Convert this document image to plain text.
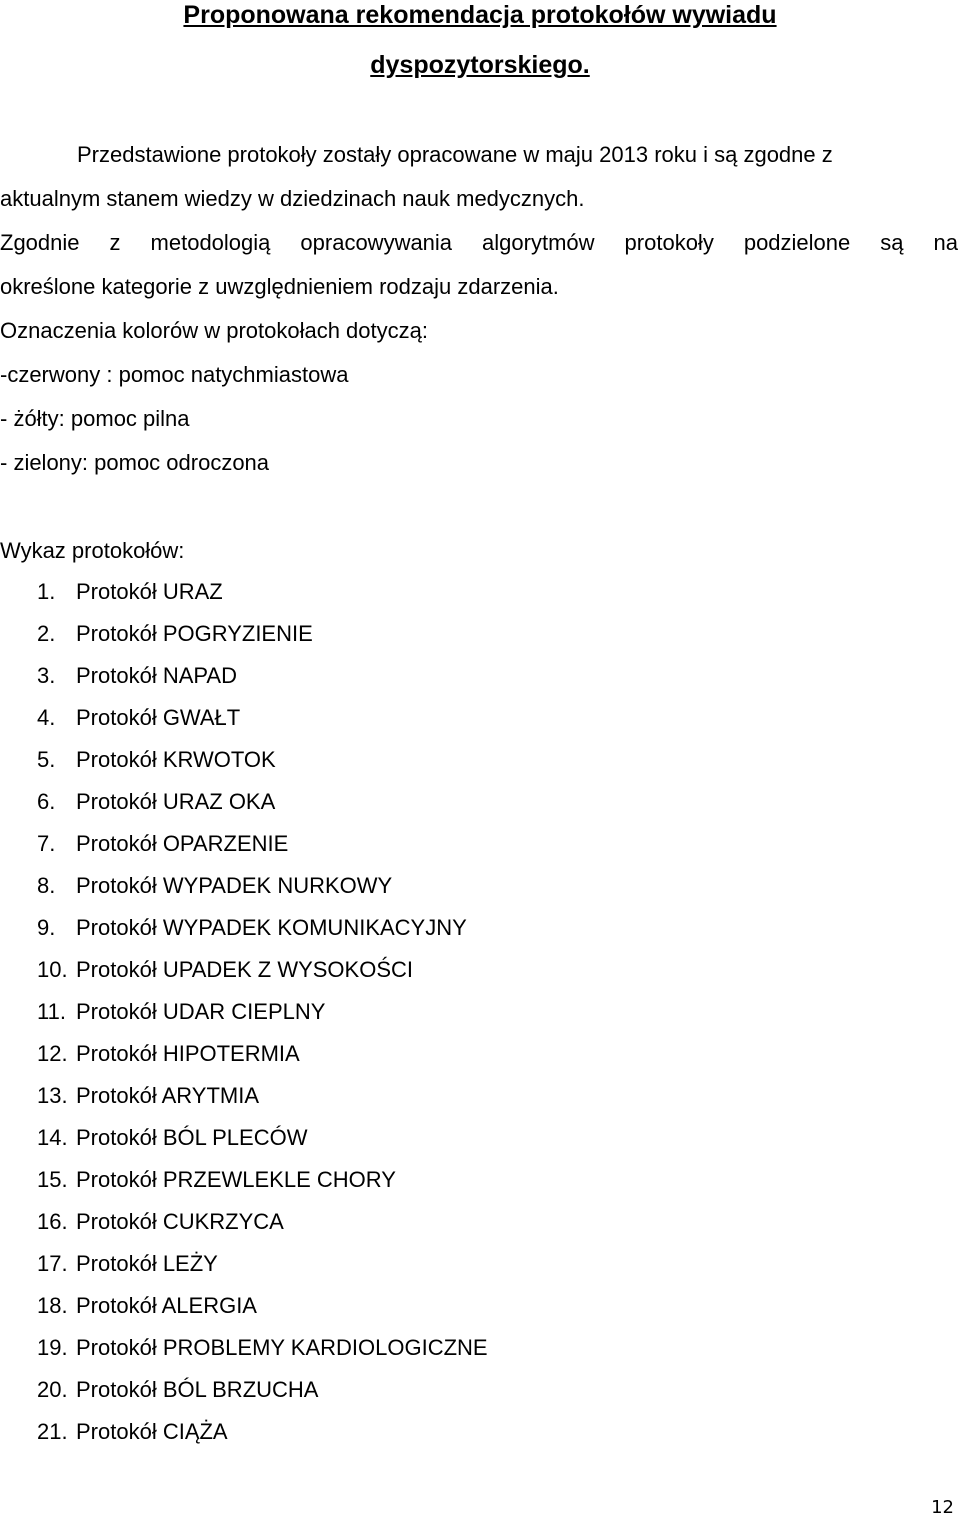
Proponowana rekomendacja protokołów wywiadu
dyspozytorskiego.
Przedstawione protokoły zostały opracowane w maju 2013 roku i są zgodne z
aktualnym stanem wiedzy w dziedzinach nauk medycznych.
Zgodnie z metodologią opracowywania algorytmów protokoły podzielone są na
określone kategorie z uwzględnieniem rodzaju zdarzenia.
Oznaczenia kolorów w protokołach dotyczą:
-czerwony : pomoc natychmiastowa
- żółty: pomoc pilna
- zielony: pomoc odroczona
Wykaz protokołów:
1. Protokół URAZ
2. Protokół POGRYZIENIE
3. Protokół NAPAD
4. Protokół GWAŁT
5. Protokół KRWOTOK
6. Protokół URAZ OKA
7. Protokół OPARZENIE
8. Protokół WYPADEK NURKOWY
9. Protokół WYPADEK KOMUNIKACYJNY
10. Protokół UPADEK Z WYSOKOŚCI
11. Protokół UDAR CIEPLNY
12. Protokół HIPOTERMIA
13. Protokół ARYTMIA
14. Protokół BÓL PLECÓW
15. Protokół PRZEWLEKLE CHORY
16. Protokół CUKRZYCA
17. Protokół LEŻY
18. Protokół ALERGIA
19. Protokół PROBLEMY KARDIOLOGICZNE
20. Protokół BÓL BRZUCHA
21. Protokół CIĄŻA
12
